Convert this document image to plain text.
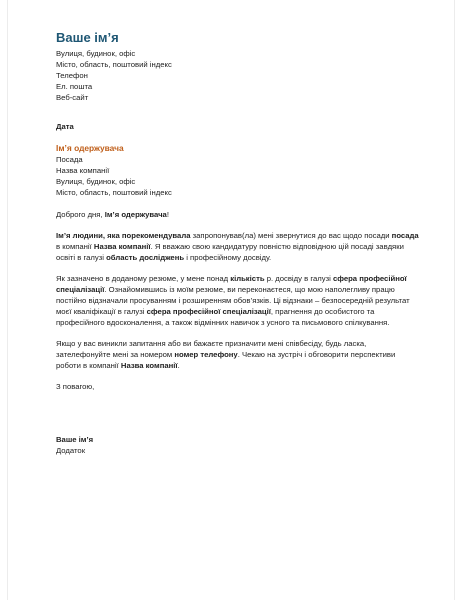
Ваше ім’я
Вулиця, будинок, офіс
Місто, область, поштовий індекс
Телефон
Ел. пошта
Веб-сайт
Дата
Ім’я одержувача
Посада
Назва компанії
Вулиця, будинок, офіс
Місто, область, поштовий індекс

Доброго дня, Ім’я одержувача!

Ім’я людини, яка порекомендувала запропонував(ла) мені звернутися до вас щодо посади посада в компанії Назва компанії. Я вважаю свою кандидатуру повністю відповідною цій посаді завдяки освіті в галузі область досліджень і професійному досвіду.

Як зазначено в доданому резюме, у мене понад кількість р. досвіду в галузі сфера професійної спеціалізації. Ознайомившись із моїм резюме, ви переконаєтеся, що мою наполегливу працю постійно відзначали просуванням і розширенням обов’язків. Ці відзнаки – безпосередній результат моєї кваліфікації в галузі сфера професійної спеціалізації, прагнення до особистого та професійного вдосконалення, а також відмінних навичок з усного та письмового спілкування.

Якщо у вас виникли запитання або ви бажаєте призначити мені співбесіду, будь ласка, зателефонуйте мені за номером номер телефону. Чекаю на зустріч і обговорити перспективи роботи в компанії Назва компанії.

З повагою,
Ваше ім’я
Додаток
